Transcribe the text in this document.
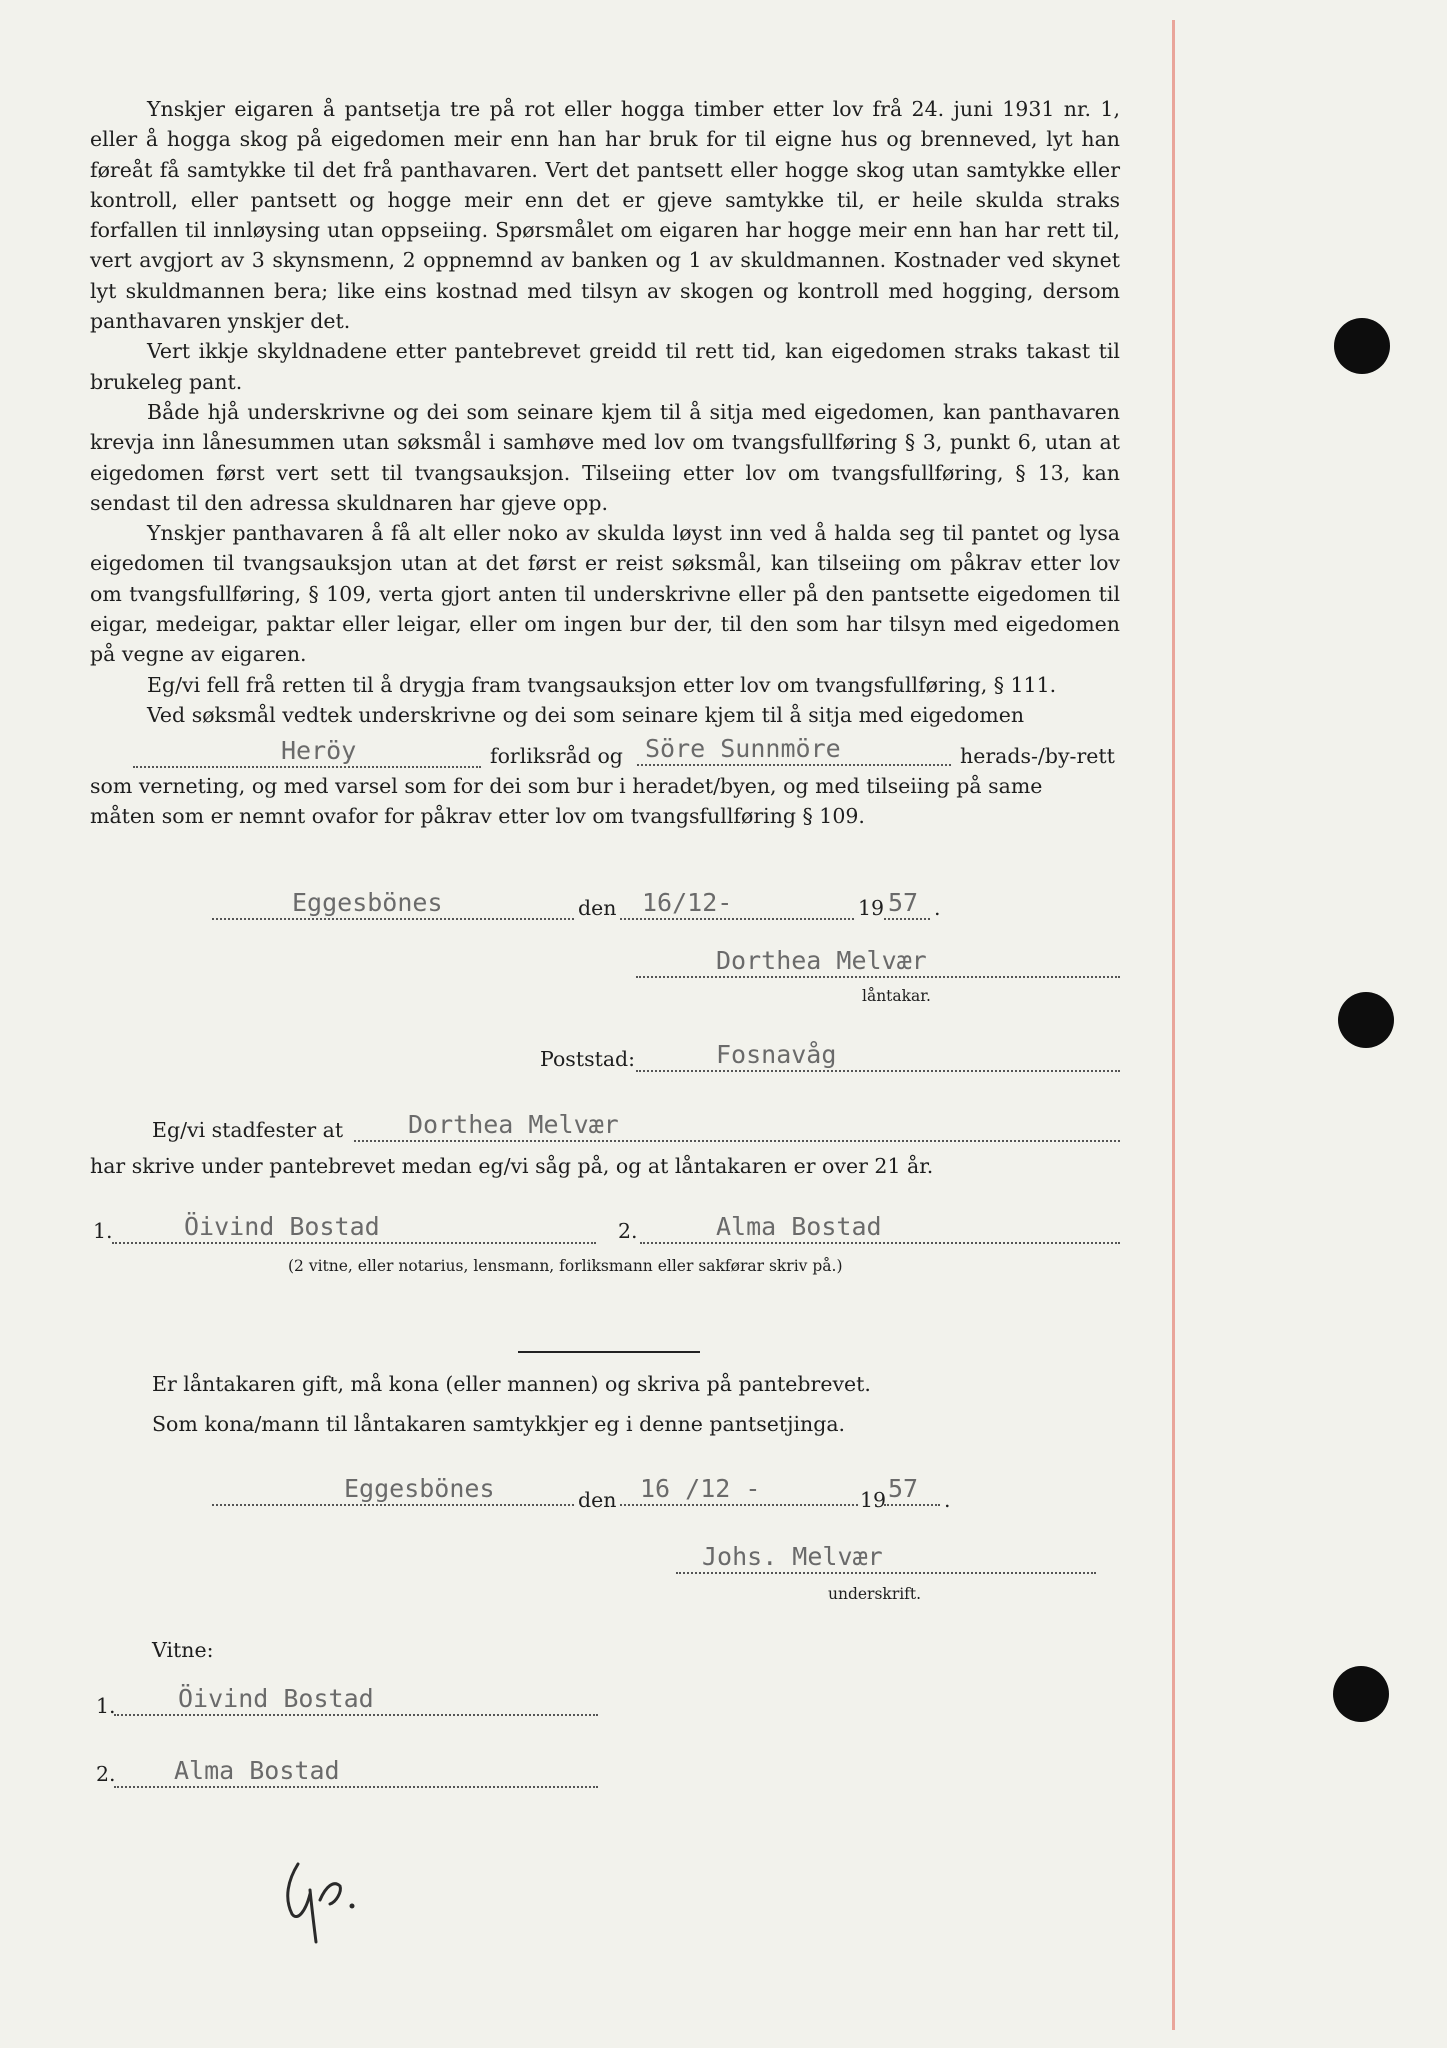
Ynskjer eigaren å pantsetja tre på rot eller hogga timber etter lov frå 24. juni 1931 nr. 1, eller å hogga skog på eigedomen meir enn han har bruk for til eigne hus og brenneved, lyt han føreåt få samtykke til det frå panthavaren. Vert det pantsett eller hogge skog utan samtykke eller kontroll, eller pantsett og hogge meir enn det er gjeve samtykke til, er heile skulda straks forfallen til innløysing utan oppseiing. Spørsmålet om eigaren har hogge meir enn han har rett til, vert avgjort av 3 skynsmenn, 2 oppnemnd av banken og 1 av skuldmannen. Kostnader ved skynet lyt skuldmannen bera; like eins kostnad med tilsyn av skogen og kontroll med hogging, dersom panthavaren ynskjer det.

Vert ikkje skyldnadene etter pantebrevet greidd til rett tid, kan eigedomen straks takast til brukeleg pant.

Både hjå underskrivne og dei som seinare kjem til å sitja med eigedomen, kan panthavaren krevja inn lånesummen utan søksmål i samhøve med lov om tvangsfullføring § 3, punkt 6, utan at eigedomen først vert sett til tvangsauksjon. Tilseiing etter lov om tvangsfullføring, § 13, kan sendast til den adressa skuldnaren har gjeve opp.

Ynskjer panthavaren å få alt eller noko av skulda løyst inn ved å halda seg til pantet og lysa eigedomen til tvangsauksjon utan at det først er reist søksmål, kan tilseiing om påkrav etter lov om tvangsfullføring, § 109, verta gjort anten til underskrivne eller på den pantsette eigedomen til eigar, medeigar, paktar eller leigar, eller om ingen bur der, til den som har tilsyn med eigedomen på vegne av eigaren.

Eg/vi fell frå retten til å drygja fram tvangsauksjon etter lov om tvangsfullføring, § 111.

Ved søksmål vedtek underskrivne og dei som seinare kjem til å sitja med eigedomen

Heröy	forliksråd og Söre Sunnmöre	herads-/by-rett
som verneting, og med varsel som for dei som bur i heradet/byen, og med tilseiing på same
måten som er nemnt ovafor for påkrav etter lov om tvangsfullføring § 109.
Eggesbönes	den	16/12-	19 57 .
Dorthea Melvær
låntakar.
Poststad:	Fosnavåg
Eg/vi stadfester at	Dorthea Melvær
har skrive under pantebrevet medan eg/vi såg på, og at låntakaren er over 21 år.
1.	Öivind Bostad	2.	Alma Bostad
(2 vitne, eller notarius, lensmann, forliksmann eller sakførar skriv på.)
Er låntakaren gift, må kona (eller mannen) og skriva på pantebrevet.
Som kona/mann til låntakaren samtykkjer eg i denne pantsetjinga.
Eggesbönes	den 16 /12 -	19 57	.
Johs. Melvær
underskrift.
Vitne:
1.	Öivind Bostad
2.	Alma Bostad
